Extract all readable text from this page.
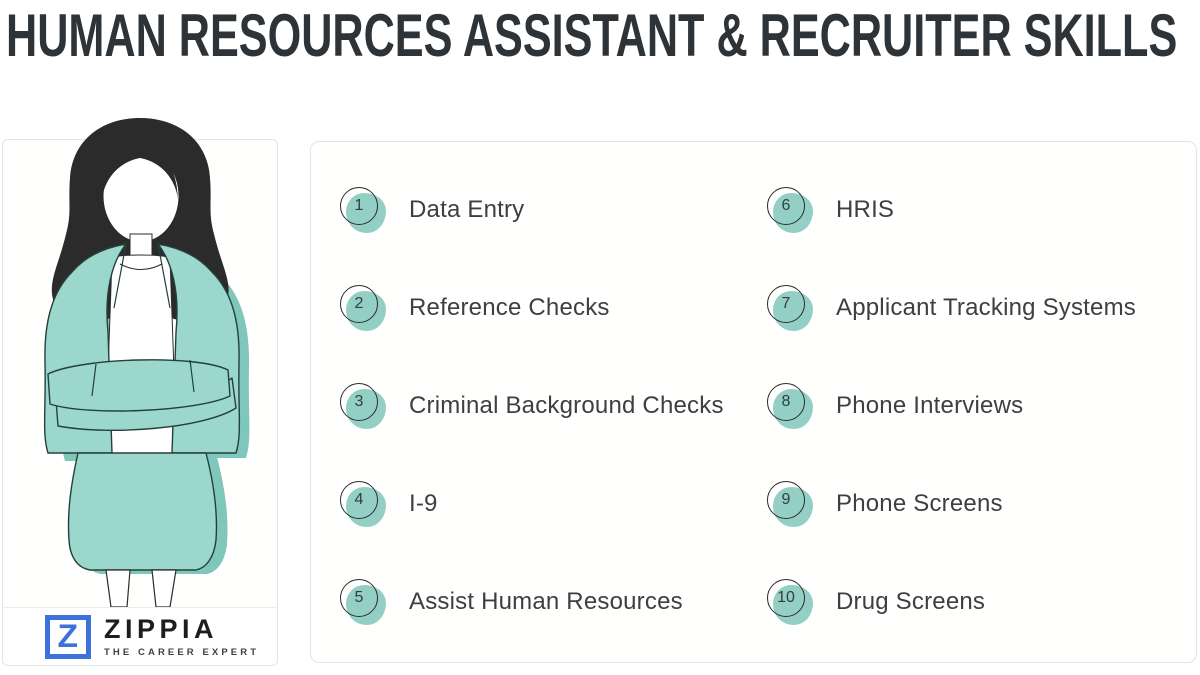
HUMAN RESOURCES ASSISTANT & RECRUITER SKILLS
Z ZIPPIA
THE CAREER EXPERT
1 Data Entry
2 Reference Checks
3 Criminal Background Checks
4 I-9
5 Assist Human Resources
6 HRIS
7 Applicant Tracking Systems
8 Phone Interviews
9 Phone Screens
10 Drug Screens
